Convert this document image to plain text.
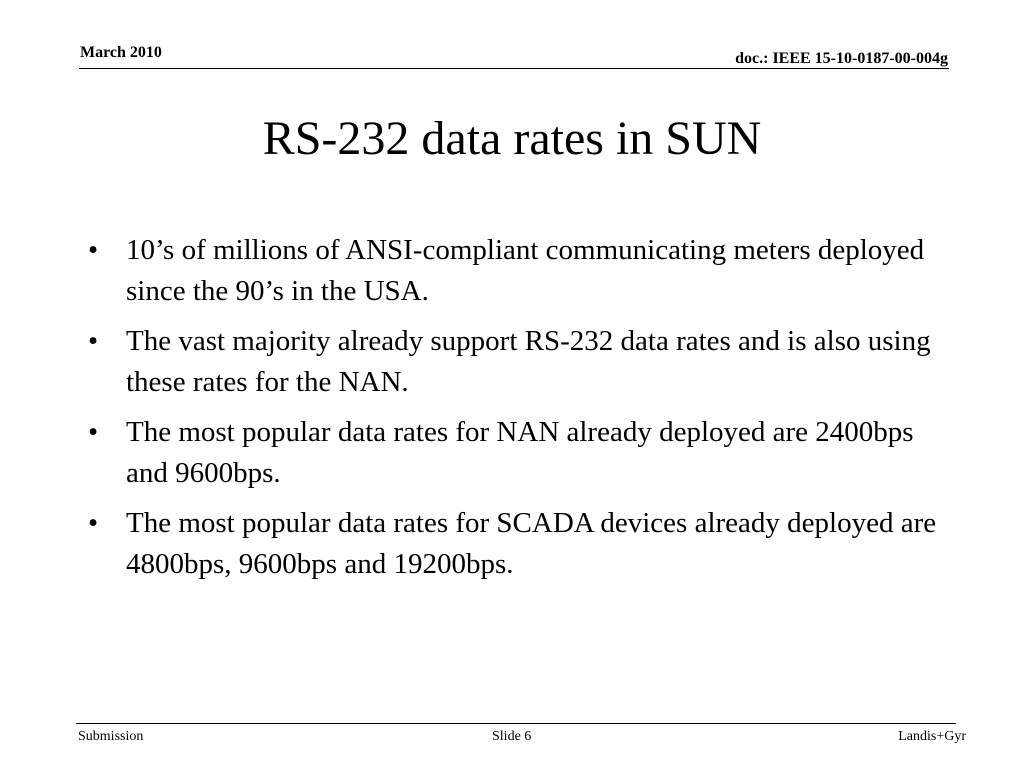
March 2010	doc.: IEEE 15-10-0187-00-004g
RS-232 data rates in SUN
• 10’s of millions of ANSI-compliant communicating meters deployed since the 90’s in the USA.
• The vast majority already support RS-232 data rates and is also using these rates for the NAN.
• The most popular data rates for NAN already deployed are 2400bps and 9600bps.
• The most popular data rates for SCADA devices already deployed are 4800bps, 9600bps and 19200bps.
Submission	Slide 6	Landis+Gyr
